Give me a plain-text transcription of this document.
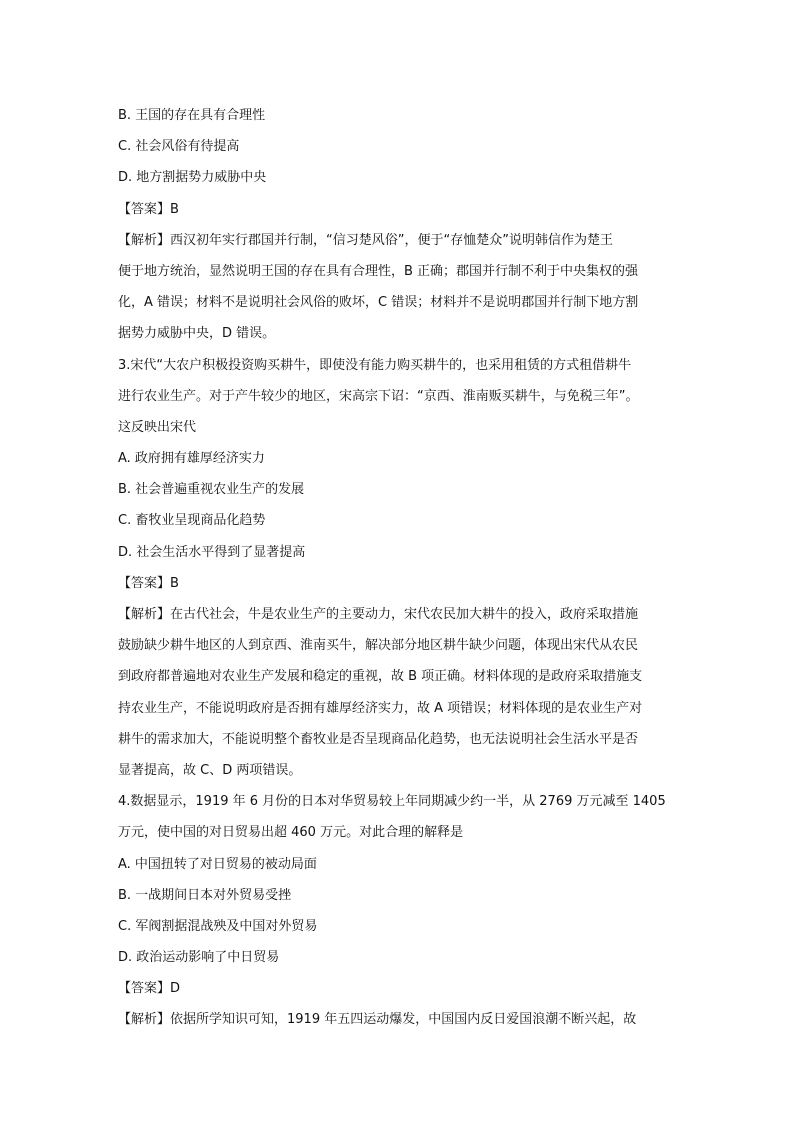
B. 王国的存在具有合理性
C. 社会风俗有待提高
D. 地方割据势力威胁中央
【答案】B
【解析】西汉初年实行郡国并行制，“信习楚风俗”，便于“存恤楚众”说明韩信作为楚王
便于地方统治，显然说明王国的存在具有合理性，B 正确；郡国并行制不利于中央集权的强
化，A 错误；材料不是说明社会风俗的败坏，C 错误；材料并不是说明郡国并行制下地方割
据势力威胁中央，D 错误。
3.宋代“大农户积极投资购买耕牛，即使没有能力购买耕牛的，也采用租赁的方式租借耕牛
进行农业生产。对于产牛较少的地区，宋高宗下诏：“京西、淮南贩买耕牛，与免税三年”。
这反映出宋代
A. 政府拥有雄厚经济实力
B. 社会普遍重视农业生产的发展
C. 畜牧业呈现商品化趋势
D. 社会生活水平得到了显著提高
【答案】B
【解析】在古代社会，牛是农业生产的主要动力，宋代农民加大耕牛的投入，政府采取措施
鼓励缺少耕牛地区的人到京西、淮南买牛，解决部分地区耕牛缺少问题，体现出宋代从农民
到政府都普遍地对农业生产发展和稳定的重视，故 B 项正确。材料体现的是政府采取措施支
持农业生产，不能说明政府是否拥有雄厚经济实力，故 A 项错误；材料体现的是农业生产对
耕牛的需求加大，不能说明整个畜牧业是否呈现商品化趋势，也无法说明社会生活水平是否
显著提高，故 C、D 两项错误。
4.数据显示，1919 年 6 月份的日本对华贸易较上年同期减少约一半，从 2769 万元减至 1405
万元，使中国的对日贸易出超 460 万元。对此合理的解释是
A. 中国扭转了对日贸易的被动局面
B. 一战期间日本对外贸易受挫
C. 军阀割据混战殃及中国对外贸易
D. 政治运动影响了中日贸易
【答案】D
【解析】依据所学知识可知，1919 年五四运动爆发，中国国内反日爱国浪潮不断兴起，故
